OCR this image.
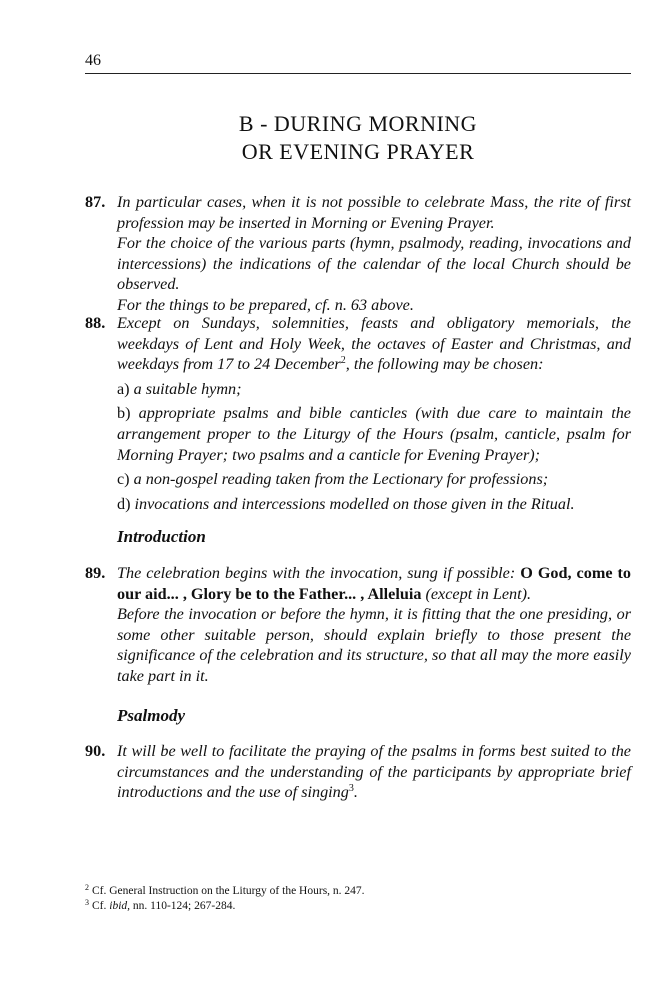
46
B - DURING MORNING
OR EVENING PRAYER
87. In particular cases, when it is not possible to celebrate Mass, the rite of first profession may be inserted in Morning or Evening Prayer.

For the choice of the various parts (hymn, psalmody, reading, invocations and intercessions) the indications of the calendar of the local Church should be observed.

For the things to be prepared, cf. n. 63 above.

88. Except on Sundays, solemnities, feasts and obligatory memorials, the weekdays of Lent and Holy Week, the octaves of Easter and Christmas, and weekdays from 17 to 24 December$^2$, the following may be chosen:

a) a suitable hymn;

b) appropriate psalms and bible canticles (with due care to maintain the arrangement proper to the Liturgy of the Hours (psalm, canticle, psalm for Morning Prayer; two psalms and a canticle for Evening Prayer);

c) a non-gospel reading taken from the Lectionary for professions;

d) invocations and intercessions modelled on those given in the Ritual.

Introduction
89. The celebration begins with the invocation, sung if possible: O God, come to our aid... , Glory be to the Father... , Alleluia (except in Lent).

Before the invocation or before the hymn, it is fitting that the one presiding, or some other suitable person, should explain briefly to those present the significance of the celebration and its structure, so that all may the more easily take part in it.

Psalmody
90. It will be well to facilitate the praying of the psalms in forms best suited to the circumstances and the understanding of the participants by appropriate brief introductions and the use of singing$^3$.

$^2$ Cf. General Instruction on the Liturgy of the Hours, n. 247.
$^3$ Cf. ibid, nn. 110-124; 267-284.
